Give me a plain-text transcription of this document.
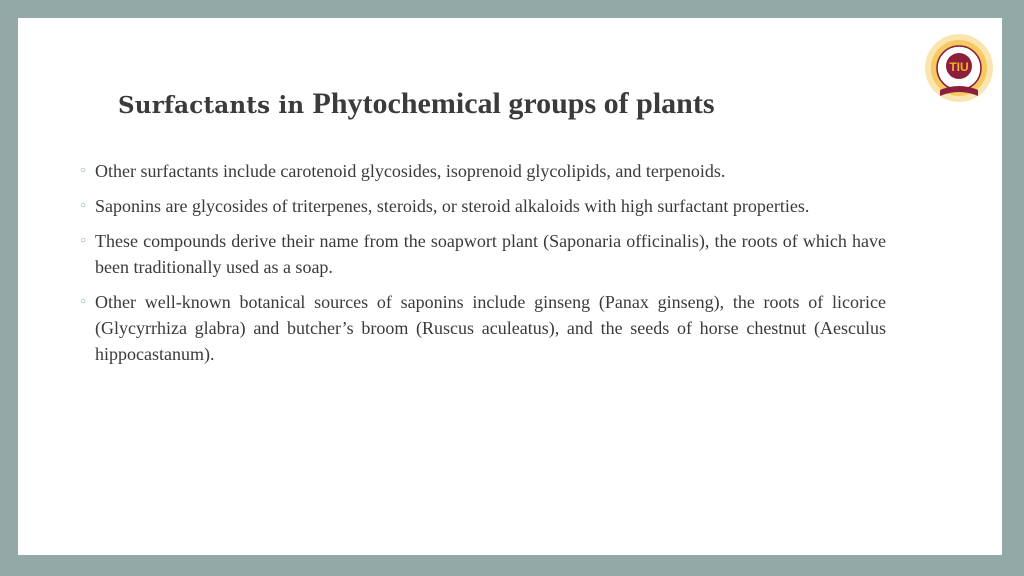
Surfactants in Phytochemical groups of plants
TIU
○ Other surfactants include carotenoid glycosides, isoprenoid glycolipids, and terpenoids.
○ Saponins are glycosides of triterpenes, steroids, or steroid alkaloids with high surfactant properties.
○ These compounds derive their name from the soapwort plant (Saponaria officinalis), the roots of which have been traditionally used as a soap.
○ Other well-known botanical sources of saponins include ginseng (Panax ginseng), the roots of licorice (Glycyrrhiza glabra) and butcher’s broom (Ruscus aculeatus), and the seeds of horse chestnut (Aesculus hippocastanum).
